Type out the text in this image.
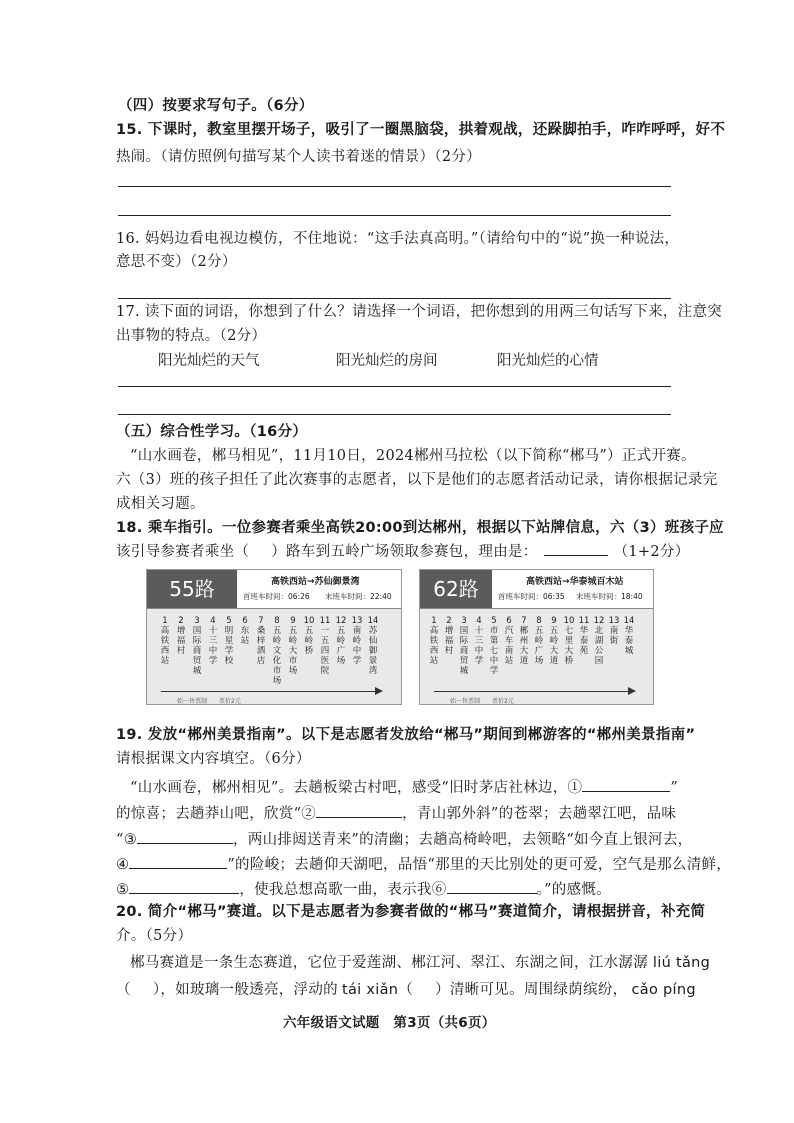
（四）按要求写句子。（6分）
15. 下课时，教室里摆开场子，吸引了一圈黑脑袋，拱着观战，还跺脚拍手，咋咋呼呼，好不
热闹。（请仿照例句描写某个人读书着迷的情景）（2分）
16. 妈妈边看电视边模仿，不住地说：“这手法真高明。”（请给句中的“说”换一种说法，
意思不变）（2分）
17. 读下面的词语，你想到了什么？请选择一个词语，把你想到的用两三句话写下来，注意突
出事物的特点。（2分）
阳光灿烂的天气	阳光灿烂的房间	阳光灿烂的心情
（五）综合性学习。（16分）
“山水画卷，郴马相见”，11月10日，2024郴州马拉松（以下简称“郴马”）正式开赛。
六（3）班的孩子担任了此次赛事的志愿者，以下是他们的志愿者活动记录，请你根据记录完
成相关习题。
18. 乘车指引。一位参赛者乘坐高铁20:00到达郴州，根据以下站牌信息，六（3）班孩子应
该引导参赛者乘坐（ ）路车到五岭广场领取参赛包，理由是：	（1+2分）
55路	高铁西站→苏仙御景湾
首班车时间：06:26 末班车时间：22:40
1高铁西站
2增福村
3国际商贸城
4十三中学
5明星学校
6东站
7桑梓酒店
8五岭文化市场
9五岭大市场
10五岭桥
11一五四医院
12五岭广场
13南岭中学
14苏仙御景湾
始一售票制　　票价2元
62路	高铁西站→华泰城百木站
首班车时间：06:35 末班车时间：18:40
1高铁西站
2增福村
3国际商贸城
4十三中学
5市第七中学
6汽车南站
7郴州大道
8五岭广场
9五岭大道
10七里大桥
11华泰苑
12北湖公园
13南街
14华泰城
始一售票制　　票价2元
19. 发放“郴州美景指南”。以下是志愿者发放给“郴马”期间到郴游客的“郴州美景指南”
请根据课文内容填空。（6分）
“山水画卷，郴州相见”。去趟板梁古村吧，感受“旧时茅店社林边，①	”
的惊喜；去趟莽山吧，欣赏“②	，青山郭外斜”的苍翠；去趟翠江吧，品味
“③	，两山排闼送青来”的清幽；去趟高椅岭吧，去领略“如今直上银河去，
④	”的险峻；去趟仰天湖吧，品悟“那里的天比别处的更可爱，空气是那么清鲜，
⑤	，使我总想高歌一曲，表示我⑥	。”的感慨。
20. 简介“郴马”赛道。以下是志愿者为参赛者做的“郴马”赛道简介，请根据拼音，补充简
介。（5分）
郴马赛道是一条生态赛道，它位于爱莲湖、郴江河、翠江、东湖之间，江水潺潺 liú tǎng
（ ），如玻璃一般透亮，浮动的 tái xiǎn（ ）清晰可见。周围绿荫缤纷， cǎo píng
六年级语文试题　第3页（共6页）
